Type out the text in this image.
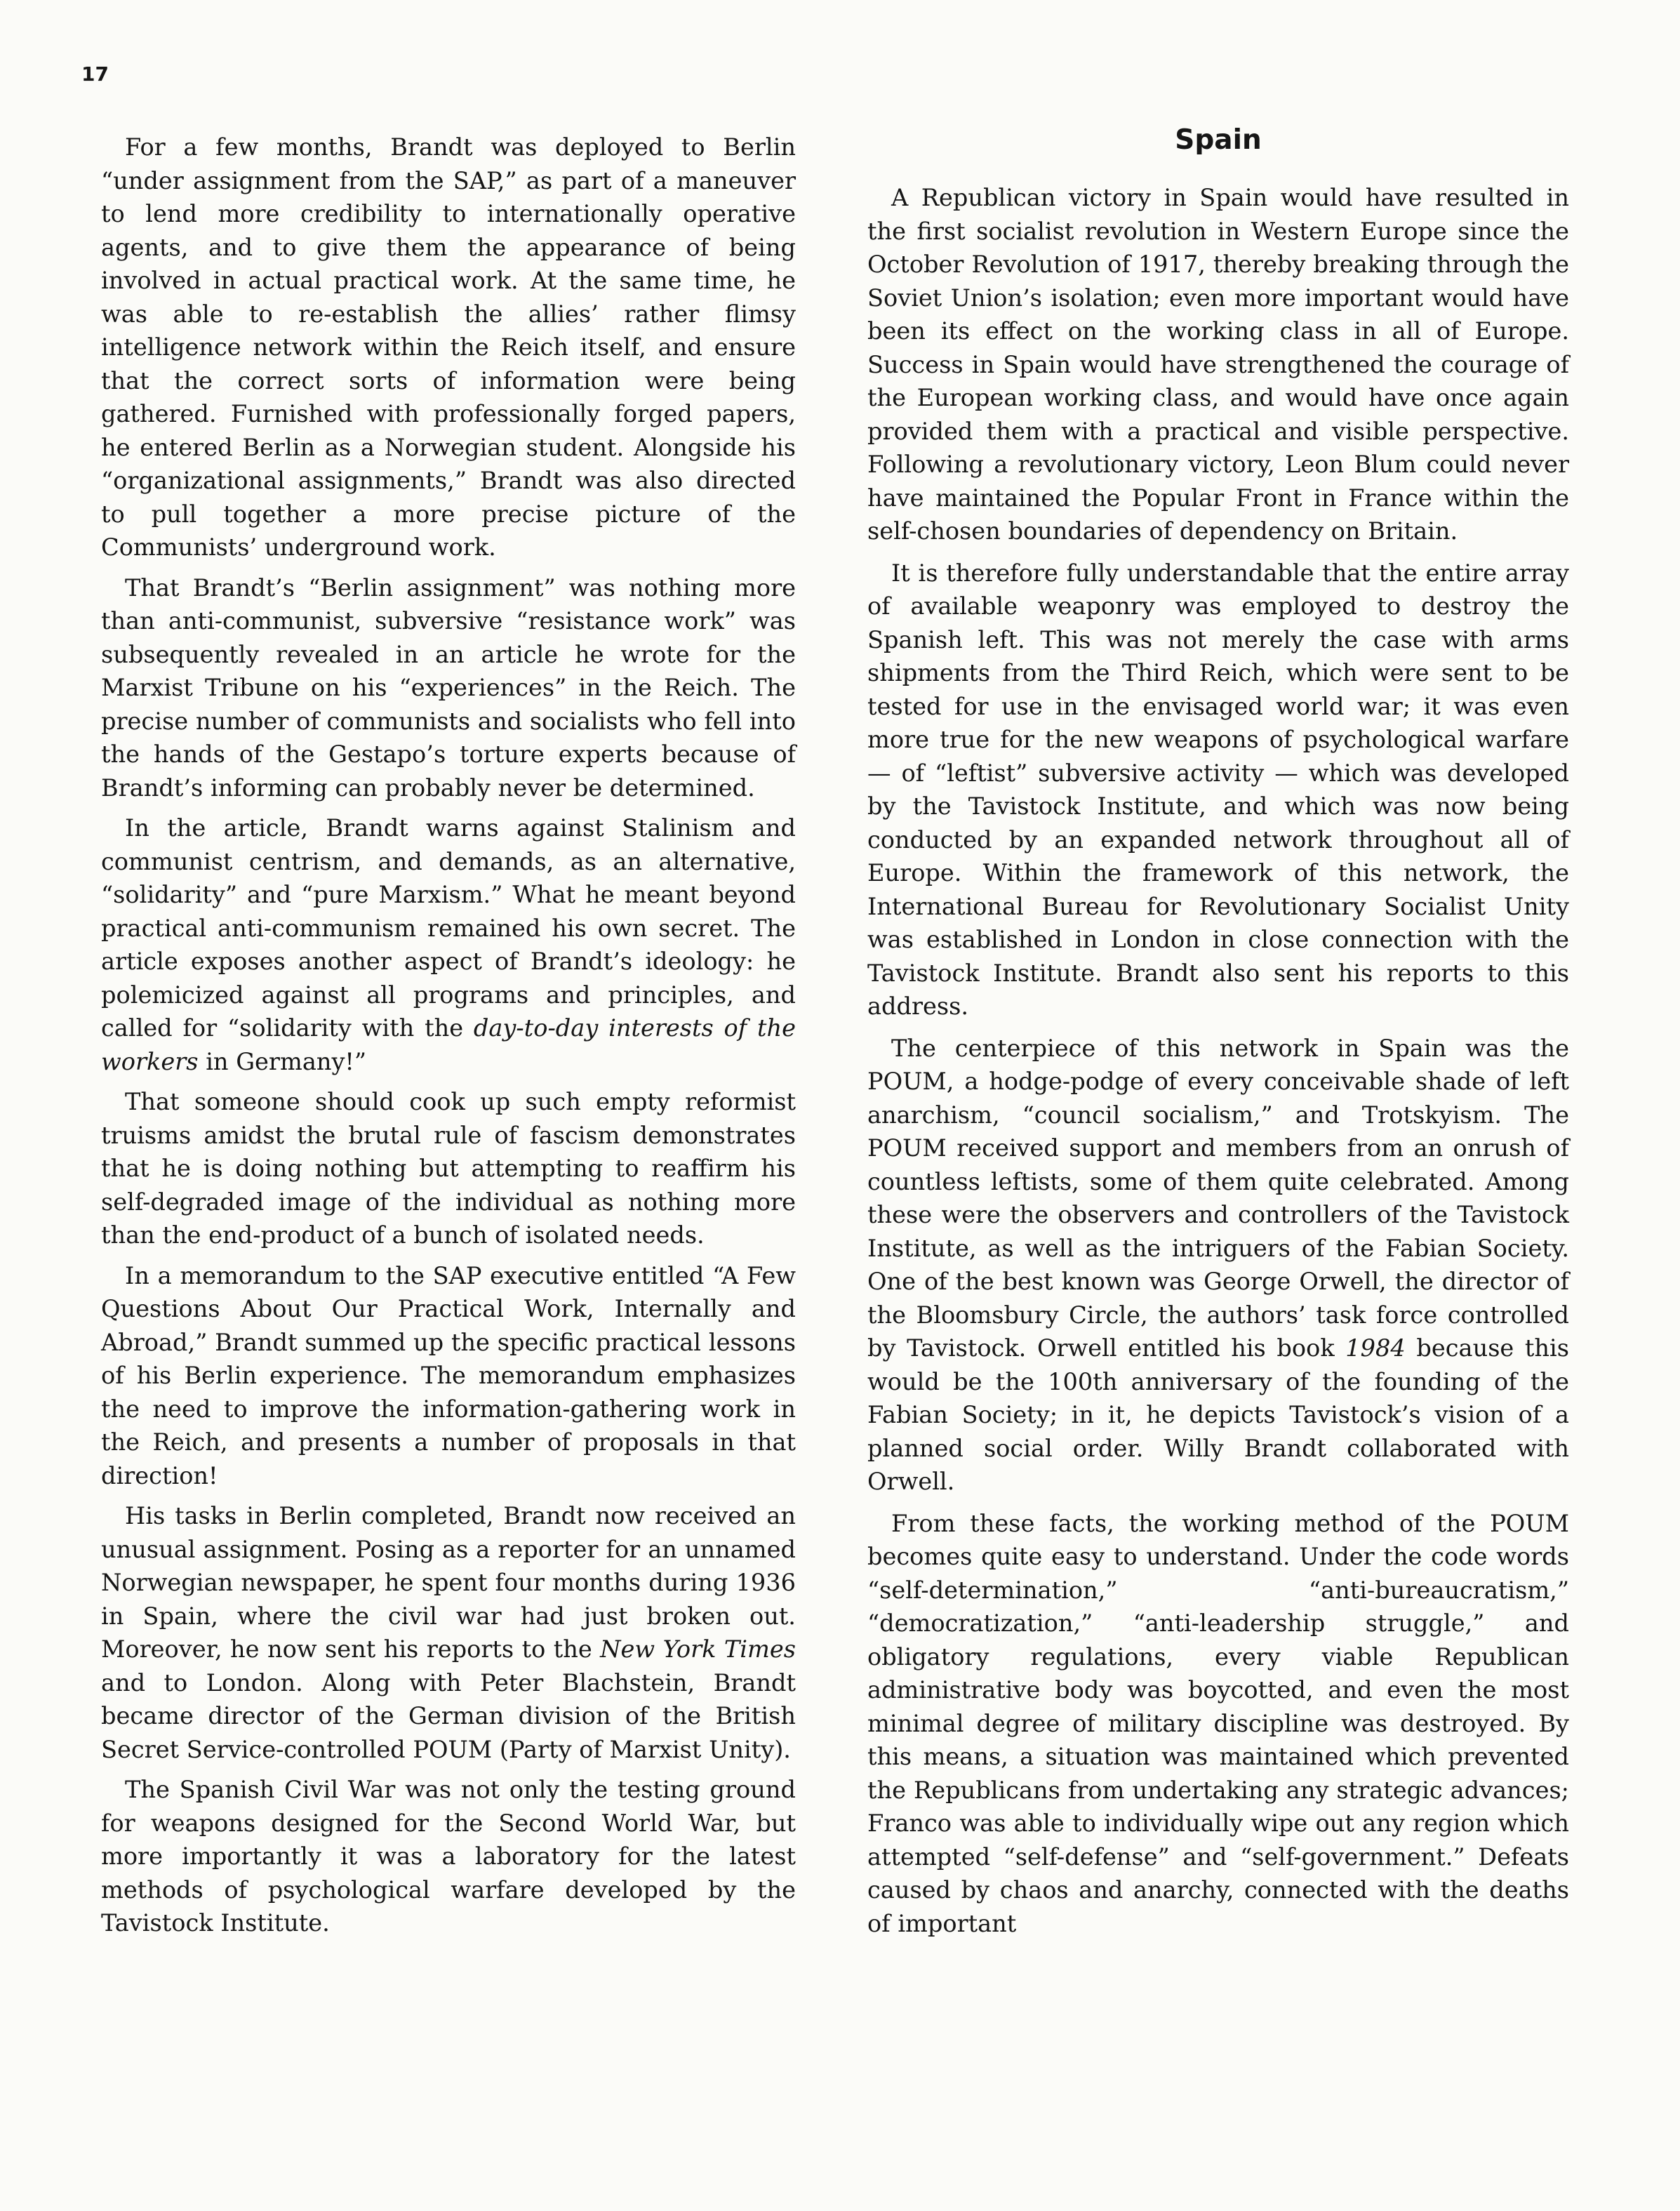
17

For a few months, Brandt was deployed to Berlin “under assignment from the SAP,” as part of a maneuver to lend more credibility to internationally operative agents, and to give them the appearance of being involved in actual practical work. At the same time, he was able to re-establish the allies’ rather flimsy intelligence network within the Reich itself, and ensure that the correct sorts of information were being gathered. Furnished with professionally forged papers, he entered Berlin as a Norwegian student. Alongside his “organizational assignments,” Brandt was also directed to pull together a more precise picture of the Communists’ underground work.

That Brandt’s “Berlin assignment” was nothing more than anti-communist, subversive “resistance work” was subsequently revealed in an article he wrote for the Marxist Tribune on his “experiences” in the Reich. The precise number of communists and socialists who fell into the hands of the Gestapo’s torture experts because of Brandt’s informing can probably never be determined.

In the article, Brandt warns against Stalinism and communist centrism, and demands, as an alternative, “solidarity” and “pure Marxism.” What he meant beyond practical anti-communism remained his own secret. The article exposes another aspect of Brandt’s ideology: he polemicized against all programs and principles, and called for “solidarity with the day-to-day interests of the workers in Germany!”

That someone should cook up such empty reformist truisms amidst the brutal rule of fascism demonstrates that he is doing nothing but attempting to reaffirm his self-degraded image of the individual as nothing more than the end-product of a bunch of isolated needs.

In a memorandum to the SAP executive entitled “A Few Questions About Our Practical Work, Internally and Abroad,” Brandt summed up the specific practical lessons of his Berlin experience. The memorandum emphasizes the need to improve the information-gathering work in the Reich, and presents a number of proposals in that direction!

His tasks in Berlin completed, Brandt now received an unusual assignment. Posing as a reporter for an unnamed Norwegian newspaper, he spent four months during 1936 in Spain, where the civil war had just broken out. Moreover, he now sent his reports to the New York Times and to London. Along with Peter Blachstein, Brandt became director of the German division of the British Secret Service-controlled POUM (Party of Marxist Unity).

The Spanish Civil War was not only the testing ground for weapons designed for the Second World War, but more importantly it was a laboratory for the latest methods of psychological warfare developed by the Tavistock Institute.

Spain

A Republican victory in Spain would have resulted in the first socialist revolution in Western Europe since the October Revolution of 1917, thereby breaking through the Soviet Union’s isolation; even more important would have been its effect on the working class in all of Europe. Success in Spain would have strengthened the courage of the European working class, and would have once again provided them with a practical and visible perspective. Following a revolutionary victory, Leon Blum could never have maintained the Popular Front in France within the self-chosen boundaries of dependency on Britain.

It is therefore fully understandable that the entire array of available weaponry was employed to destroy the Spanish left. This was not merely the case with arms shipments from the Third Reich, which were sent to be tested for use in the envisaged world war; it was even more true for the new weapons of psychological warfare — of “leftist” subversive activity — which was developed by the Tavistock Institute, and which was now being conducted by an expanded network throughout all of Europe. Within the framework of this network, the International Bureau for Revolutionary Socialist Unity was established in London in close connection with the Tavistock Institute. Brandt also sent his reports to this address.

The centerpiece of this network in Spain was the POUM, a hodge-podge of every conceivable shade of left anarchism, “council socialism,” and Trotskyism. The POUM received support and members from an onrush of countless leftists, some of them quite celebrated. Among these were the observers and controllers of the Tavistock Institute, as well as the intriguers of the Fabian Society. One of the best known was George Orwell, the director of the Bloomsbury Circle, the authors’ task force controlled by Tavistock. Orwell entitled his book 1984 because this would be the 100th anniversary of the founding of the Fabian Society; in it, he depicts Tavistock’s vision of a planned social order. Willy Brandt collaborated with Orwell.

From these facts, the working method of the POUM becomes quite easy to understand. Under the code words “self-determination,” “anti-bureaucratism,” “democratization,” “anti-leadership struggle,” and obligatory regulations, every viable Republican administrative body was boycotted, and even the most minimal degree of military discipline was destroyed. By this means, a situation was maintained which prevented the Republicans from undertaking any strategic advances; Franco was able to individually wipe out any region which attempted “self-defense” and “self-government.” Defeats caused by chaos and anarchy, connected with the deaths of important
